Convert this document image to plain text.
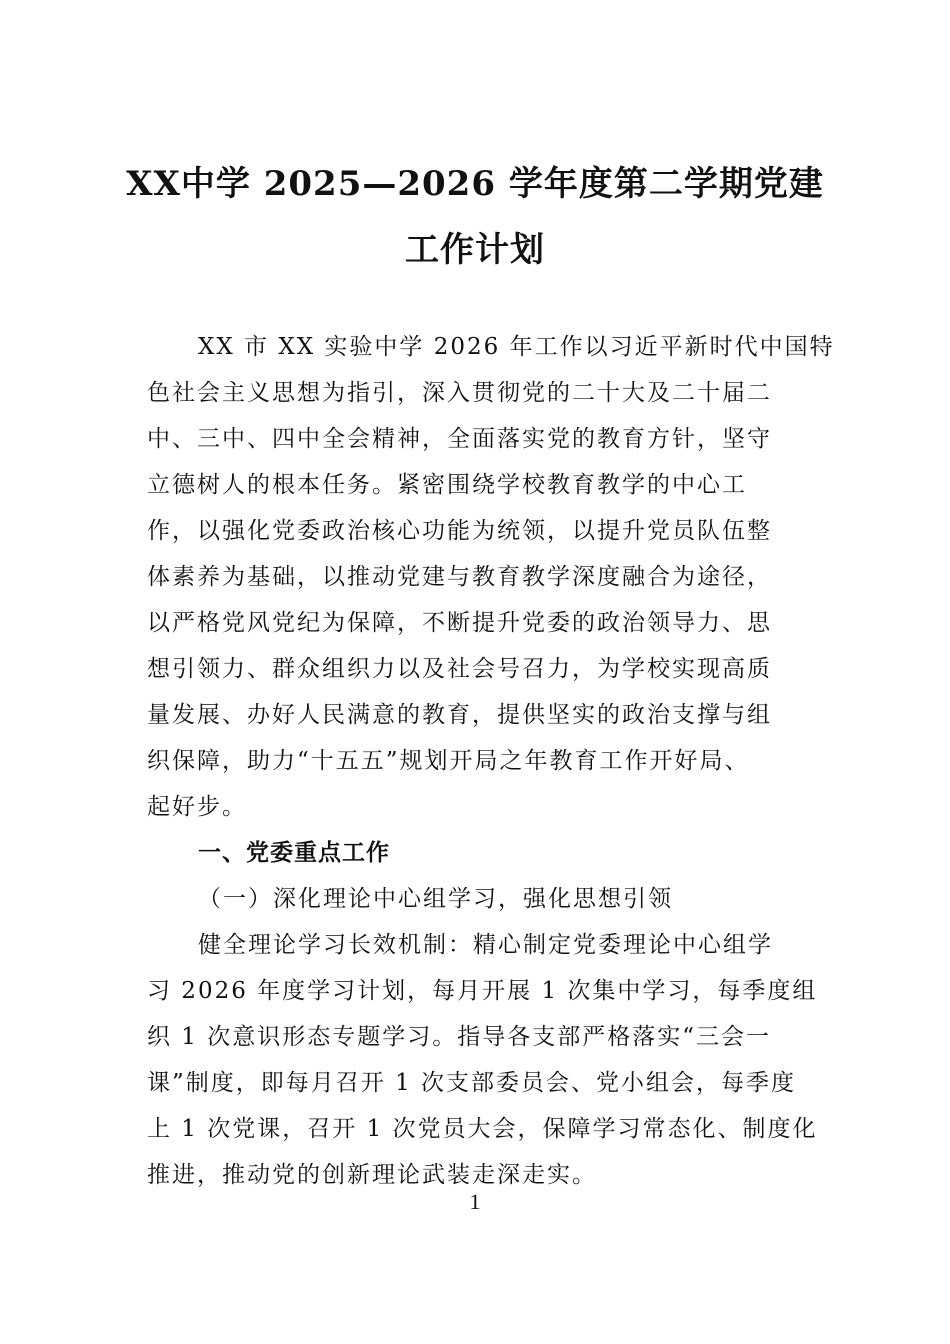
XX中学 2025—2026 学年度第二学期党建
工作计划
XX 市 XX 实验中学 2026 年工作以习近平新时代中国特
色社会主义思想为指引，深入贯彻党的二十大及二十届二
中、三中、四中全会精神，全面落实党的教育方针，坚守
立德树人的根本任务。紧密围绕学校教育教学的中心工
作，以强化党委政治核心功能为统领，以提升党员队伍整
体素养为基础，以推动党建与教育教学深度融合为途径，
以严格党风党纪为保障，不断提升党委的政治领导力、思
想引领力、群众组织力以及社会号召力，为学校实现高质
量发展、办好人民满意的教育，提供坚实的政治支撑与组
织保障，助力“十五五”规划开局之年教育工作开好局、
起好步。
一、党委重点工作
（一）深化理论中心组学习，强化思想引领
健全理论学习长效机制：精心制定党委理论中心组学
习 2026 年度学习计划，每月开展 1 次集中学习，每季度组
织 1 次意识形态专题学习。指导各支部严格落实“三会一
课”制度，即每月召开 1 次支部委员会、党小组会，每季度
上 1 次党课，召开 1 次党员大会，保障学习常态化、制度化
推进，推动党的创新理论武装走深走实。
1
